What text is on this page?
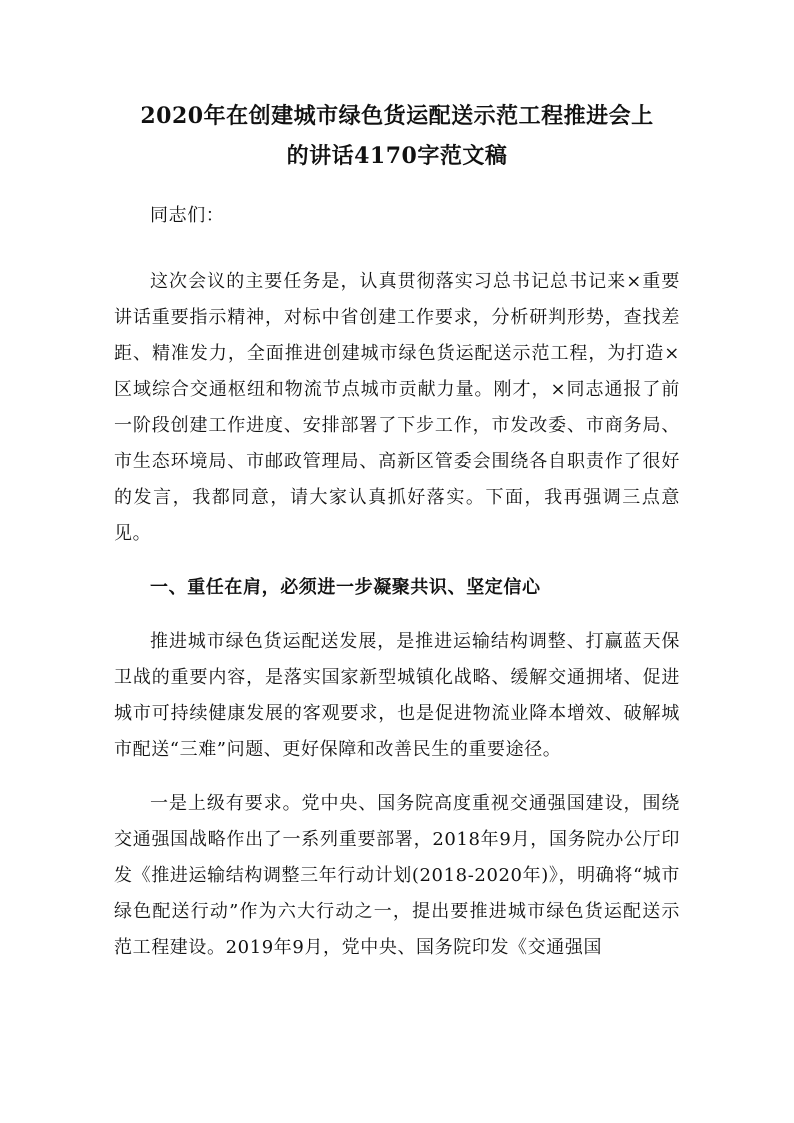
2020年在创建城市绿色货运配送示范工程推进会上
的讲话4170字范文稿

同志们：

这次会议的主要任务是，认真贯彻落实习总书记总书记来×重要讲话重要指示精神，对标中省创建工作要求，分析研判形势，查找差距、精准发力，全面推进创建城市绿色货运配送示范工程，为打造×区域综合交通枢纽和物流节点城市贡献力量。刚才，×同志通报了前一阶段创建工作进度、安排部署了下步工作，市发改委、市商务局、市生态环境局、市邮政管理局、高新区管委会围绕各自职责作了很好的发言，我都同意，请大家认真抓好落实。下面，我再强调三点意见。

一、重任在肩，必须进一步凝聚共识、坚定信心

推进城市绿色货运配送发展，是推进运输结构调整、打赢蓝天保卫战的重要内容，是落实国家新型城镇化战略、缓解交通拥堵、促进城市可持续健康发展的客观要求，也是促进物流业降本增效、破解城市配送“三难”问题、更好保障和改善民生的重要途径。

一是上级有要求。党中央、国务院高度重视交通强国建设，围绕交通强国战略作出了一系列重要部署，2018年9月，国务院办公厅印发《推进运输结构调整三年行动计划(2018-2020年)》，明确将“城市绿色配送行动”作为六大行动之一，提出要推进城市绿色货运配送示范工程建设。2019年9月，党中央、国务院印发《交通强国
